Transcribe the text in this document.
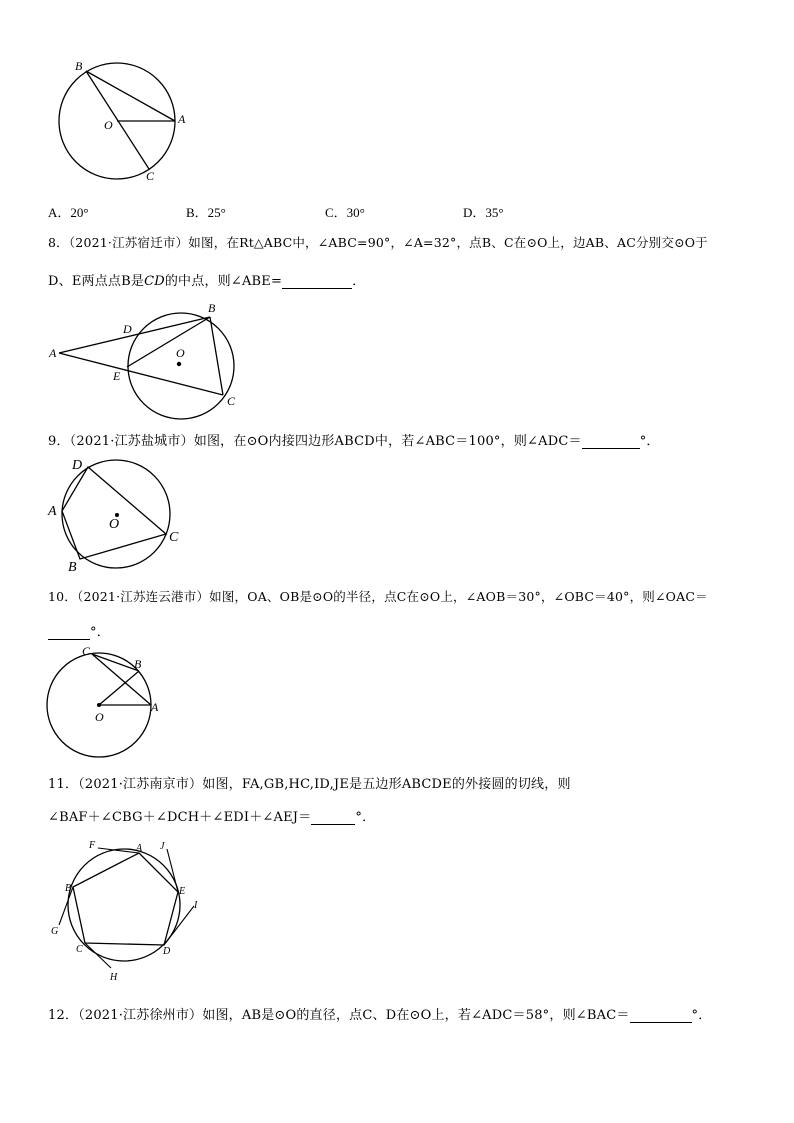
B
A
O
C
A．20°	B．25°	C．30°	D．35°
8．（2021·江苏宿迁市）如图，在Rt△ABC中，∠ABC=90°，∠A=32°，点B、C在⊙O上，边AB、AC分别交⊙O于
D、E两点点B是CD的中点，则∠ABE=	．
A
B
C
D
E
O
9．（2021·江苏盐城市）如图，在⊙O内接四边形ABCD中，若∠ABC＝100°，则∠ADC＝	°．
D
A
B
C
O
10．（2021·江苏连云港市）如图，OA、OB是⊙O的半径，点C在⊙O上，∠AOB＝30°，∠OBC＝40°，则∠OAC＝
°．
C
B
A
O
11．（2021·江苏南京市）如图，FA,GB,HC,ID,JE是五边形ABCDE的外接圆的切线，则
∠BAF＋∠CBG＋∠DCH＋∠EDI＋∠AEJ＝	°．
F	A J
E
I
B
G
C	D
H
12．（2021·江苏徐州市）如图，AB是⊙O的直径，点C、D在⊙O上，若∠ADC＝58°，则∠BAC＝	°．
